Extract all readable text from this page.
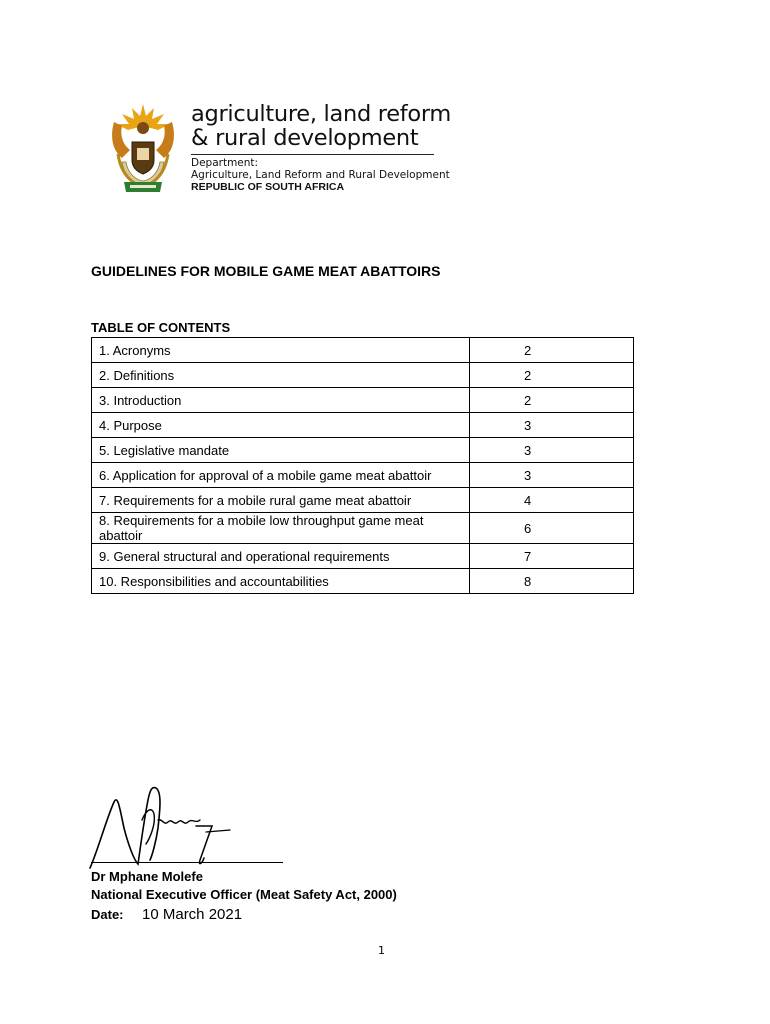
agriculture, land reform
& rural development
Department:
Agriculture, Land Reform and Rural Development
REPUBLIC OF SOUTH AFRICA
GUIDELINES FOR MOBILE GAME MEAT ABATTOIRS
TABLE OF CONTENTS
1. Acronyms	2
2. Definitions	2
3. Introduction	2
4. Purpose	3
5. Legislative mandate	3
6. Application for approval of a mobile game meat abattoir	3
7. Requirements for a mobile rural game meat abattoir	4
8. Requirements for a mobile low throughput game meat abattoir	6
9. General structural and operational requirements	7
10. Responsibilities and accountabilities	8
Dr Mphane Molefe
National Executive Officer (Meat Safety Act, 2000)
Date: 10 March 2021
1
